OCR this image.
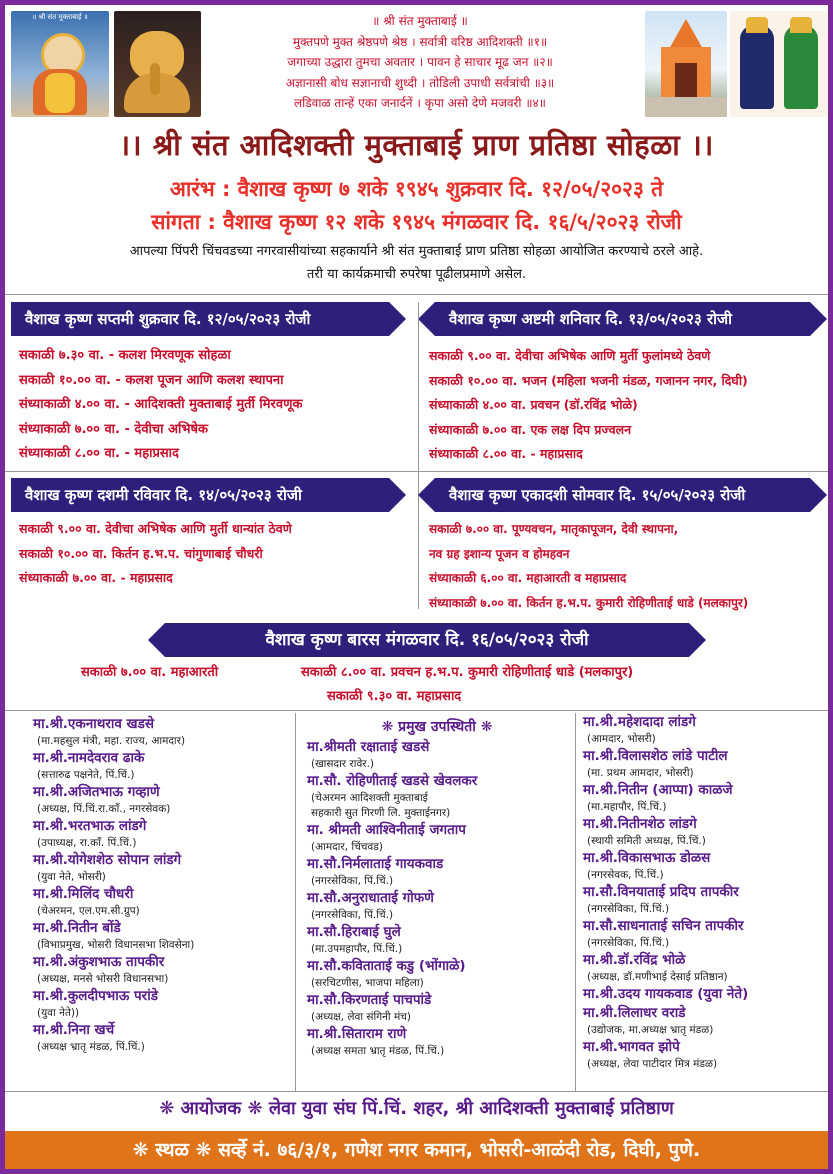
॥ श्री संत मुक्ताबाई ॥	॥ श्री संत मुक्ताबाई ॥
मुक्तपणे मुक्त श्रेष्ठपणे श्रेष्ठ । सर्वात्री वरिष्ठ आदिशक्ती ॥१॥
जगाच्या उद्धारा तुमचा अवतार । पावन हे साचार मूढ जन ॥२॥
अज्ञानासी बोध सज्ञानाची शुध्दी । तोडिली उपाधी सर्वत्रांची ॥३॥
लडिवाळ तान्हें एका जनार्दनें । कृपा असो देणे मजवरी ॥४॥
।। श्री संत आदिशक्ती मुक्ताबाई प्राण प्रतिष्ठा सोहळा ।।
आरंभ : वैशाख कृष्ण ७ शके १९४५ शुक्रवार दि. १२/०५/२०२३ ते
सांगता : वैशाख कृष्ण १२ शके १९४५ मंगळवार दि. १६/५/२०२३ रोजी
आपल्या पिंपरी चिंचवडच्या नगरवासीयांच्या सहकार्याने श्री संत मुक्ताबाई प्राण प्रतिष्ठा सोहळा आयोजित करण्याचे ठरले आहे.
तरी या कार्यक्रमाची रुपरेषा पूढीलप्रमाणे असेल.
वैशाख कृष्ण सप्तमी शुक्रवार दि. १२/०५/२०२३ रोजी
सकाळी ७.३० वा. - कलश मिरवणूक सोहळा
सकाळी १०.०० वा. - कलश पूजन आणि कलश स्थापना
संध्याकाळी ४.०० वा. - आदिशक्ती मुक्ताबाई मुर्ती मिरवणूक
संध्याकाळी ७.०० वा. - देवीचा अभिषेक
संध्याकाळी ८.०० वा. - महाप्रसाद
वैशाख कृष्ण अष्टमी शनिवार दि. १३/०५/२०२३ रोजी
सकाळी ९.०० वा. देवीचा अभिषेक आणि मुर्ती फुलांमध्ये ठेवणे
सकाळी १०.०० वा. भजन (महिला भजनी मंडळ, गजानन नगर, दिघी)
संध्याकाळी ४.०० वा. प्रवचन (डॉ.रविंद्र भोळे)
संध्याकाळी ७.०० वा. एक लक्ष दिप प्रज्वलन
संध्याकाळी ८.०० वा. - महाप्रसाद
वैशाख कृष्ण दशमी रविवार दि. १४/०५/२०२३ रोजी
सकाळी ९.०० वा. देवीचा अभिषेक आणि मुर्ती धान्यांत ठेवणे
सकाळी १०.०० वा. किर्तन ह.भ.प. चांगुणाबाई चौधरी
संध्याकाळी ७.०० वा. - महाप्रसाद
वैशाख कृष्ण एकादशी सोमवार दि. १५/०५/२०२३ रोजी
सकाळी ७.०० वा. पूण्यवचन, मातृकापूजन, देवी स्थापना,
नव ग्रह इशान्य पूजन व होमहवन
संध्याकाळी ६.०० वा. महाआरती व महाप्रसाद
संध्याकाळी ७.०० वा. किर्तन ह.भ.प. कुमारी रोहिणीताई धाडे (मलकापुर)
वैशाख कृष्ण बारस मंगळवार दि. १६/०५/२०२३ रोजी
सकाळी ७.०० वा. महाआरती	सकाळी ८.०० वा. प्रवचन ह.भ.प. कुमारी रोहिणीताई धाडे (मलकापुर)
सकाळी ९.३० वा. महाप्रसाद
मा.श्री.एकनाथराव खडसे
(मा.महसुल मंत्री, महा. राज्य, आमदार)
मा.श्री.नामदेवराव ढाके
(सत्तारुढ पक्षनेते, पिं.चिं.)
मा.श्री.अजितभाऊ गव्हाणे
(अध्यक्ष, पिं.चिं.रा.कॉं., नगरसेवक)
मा.श्री.भरतभाऊ लांडगे
(उपाध्यक्ष, रा.कॉं. पिं.चिं.)
मा.श्री.योगेशशेठ सोपान लांडगे
(युवा नेते, भोसरी)
मा.श्री.मिलिंद चौधरी
(चेअरमन, एल.एम.सी.ग्रुप)
मा.श्री.नितीन बोंडे
(विभाप्रमुख, भोसरी विधानसभा शिवसेना)
मा.श्री.अंकुशभाऊ तापकीर
(अध्यक्ष, मनसे भोसरी विधानसभा)
मा.श्री.कुलदीपभाऊ परांडे
(युवा नेते))
मा.श्री.निना खर्चे
(अध्यक्ष भ्रातृ मंडळ, पिं.चिं.)
❋ प्रमुख उपस्थिती ❋
मा.श्रीमती रक्षाताई खडसे
(खासदार रावेर.)
मा.सौ. रोहिणीताई खडसे खेवलकर
(चेअरमन आदिशक्ती मुक्ताबाई
सहकारी सुत गिरणी लि. मुक्ताईनगर)
मा. श्रीमती आश्विनीताई जगताप
(आमदार, चिंचवड)
मा.सौ.निर्मलाताई गायकवाड
(नगरसेविका, पिं.चिं.)
मा.सौ.अनुराधाताई गोफणे
(नगरसेविका, पिं.चिं.)
मा.सौ.हिराबाई घुले
(मा.उपमहापौर, पिं.चिं.)
मा.सौ.कविताताई कडु (भोंगाळे)
(सरचिटणीस, भाजपा महिला)
मा.सौ.किरणताई पाचपांडे
(अध्यक्ष, लेवा संगिनी मंच)
मा.श्री.सिताराम राणे
(अध्यक्ष समता भ्रातृ मंडळ, पिं.चिं.)
मा.श्री.महेशदादा लांडगे
(आमदार, भोसरी)
मा.श्री.विलासशेठ लांडे पाटील
(मा. प्रथम आमदार, भोसरी)
मा.श्री.नितीन (आप्पा) काळजे
(मा.महापौर, पिं.चिं.)
मा.श्री.नितीनशेठ लांडगे
(स्थायी समिती अध्यक्ष, पिं.चिं.)
मा.श्री.विकासभाऊ डोळस
(नगरसेवक, पिं.चिं.)
मा.सौ.विनयाताई प्रदिप तापकीर
(नगरसेविका, पिं.चिं.)
मा.सौ.साधनाताई सचिन तापकीर
(नगरसेविका, पिं.चिं.)
मा.श्री.डॉ.रविंद्र भोळे
(अध्यक्ष, डॉ.मणीभाई देसाई प्रतिष्ठान)
मा.श्री.उदय गायकवाड (युवा नेते)
मा.श्री.लिलाधर वराडे
(उद्योजक, मा.अध्यक्ष भ्रातृ मंडळ)
मा.श्री.भागवत झोपे
(अध्यक्ष, लेवा पाटीदार मित्र मंडळ)
❋ आयोजक ❋ लेवा युवा संघ पिं.चिं. शहर, श्री आदिशक्ती मुक्ताबाई प्रतिष्ठाण
❋ स्थळ ❋ सर्व्हे नं. ७६/३/१, गणेश नगर कमान, भोसरी-आळंदी रोड, दिघी, पुणे.
